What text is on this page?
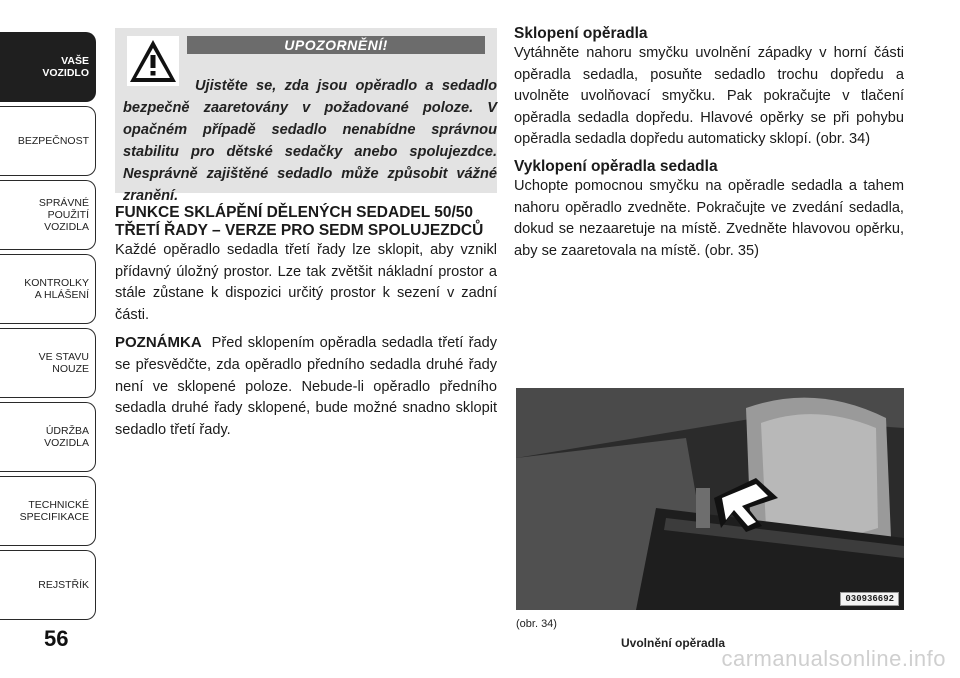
VAŠE
VOZIDLO
BEZPEČNOST
SPRÁVNÉ
POUŽITÍ
VOZIDLA
KONTROLKY
A HLÁŠENÍ
VE STAVU
NOUZE
ÚDRŽBA
VOZIDLA
TECHNICKÉ
SPECIFIKACE
REJSTŘÍK
56
UPOZORNĚNÍ!

Ujistěte se, zda jsou opěradlo a sedadlo bezpečně zaaretovány v požadované poloze. V opačném případě sedadlo nenabídne správnou stabilitu pro dětské sedačky anebo spolujezdce. Nesprávně zajištěné sedadlo může způsobit vážné zranění.

FUNKCE SKLÁPĚNÍ DĚLENÝCH SEDADEL 50/50 TŘETÍ ŘADY – VERZE PRO SEDM SPOLUJEZDCŮ

Každé opěradlo sedadla třetí řady lze sklopit, aby vznikl přídavný úložný prostor. Lze tak zvětšit nákladní prostor a stále zůstane k dispozici určitý prostor k sezení v zadní části.

POZNÁMKA Před sklopením opěradla sedadla třetí řady se přesvědčte, zda opěradlo předního sedadla druhé řady není ve sklopené poloze. Nebude-li opěradlo předního sedadla druhé řady sklopené, bude možné snadno sklopit sedadlo třetí řady.

Sklopení opěradla

Vytáhněte nahoru smyčku uvolnění západky v horní části opěradla sedadla, posuňte sedadlo trochu dopředu a uvolněte uvolňovací smyčku. Pak pokračujte v tlačení opěradla sedadla dopředu. Hlavové opěrky se při pohybu opěradla sedadla dopředu automaticky sklopí. (obr. 34)

Vyklopení opěradla sedadla

Uchopte pomocnou smyčku na opěradle sedadla a tahem nahoru opěradlo zvedněte. Pokračujte ve zvedání sedadla, dokud se nezaaretuje na místě. Zvedněte hlavovou opěrku, aby se zaaretovala na místě. (obr. 35)

030936692
(obr. 34)
Uvolnění opěradla
carmanualsonline.info
